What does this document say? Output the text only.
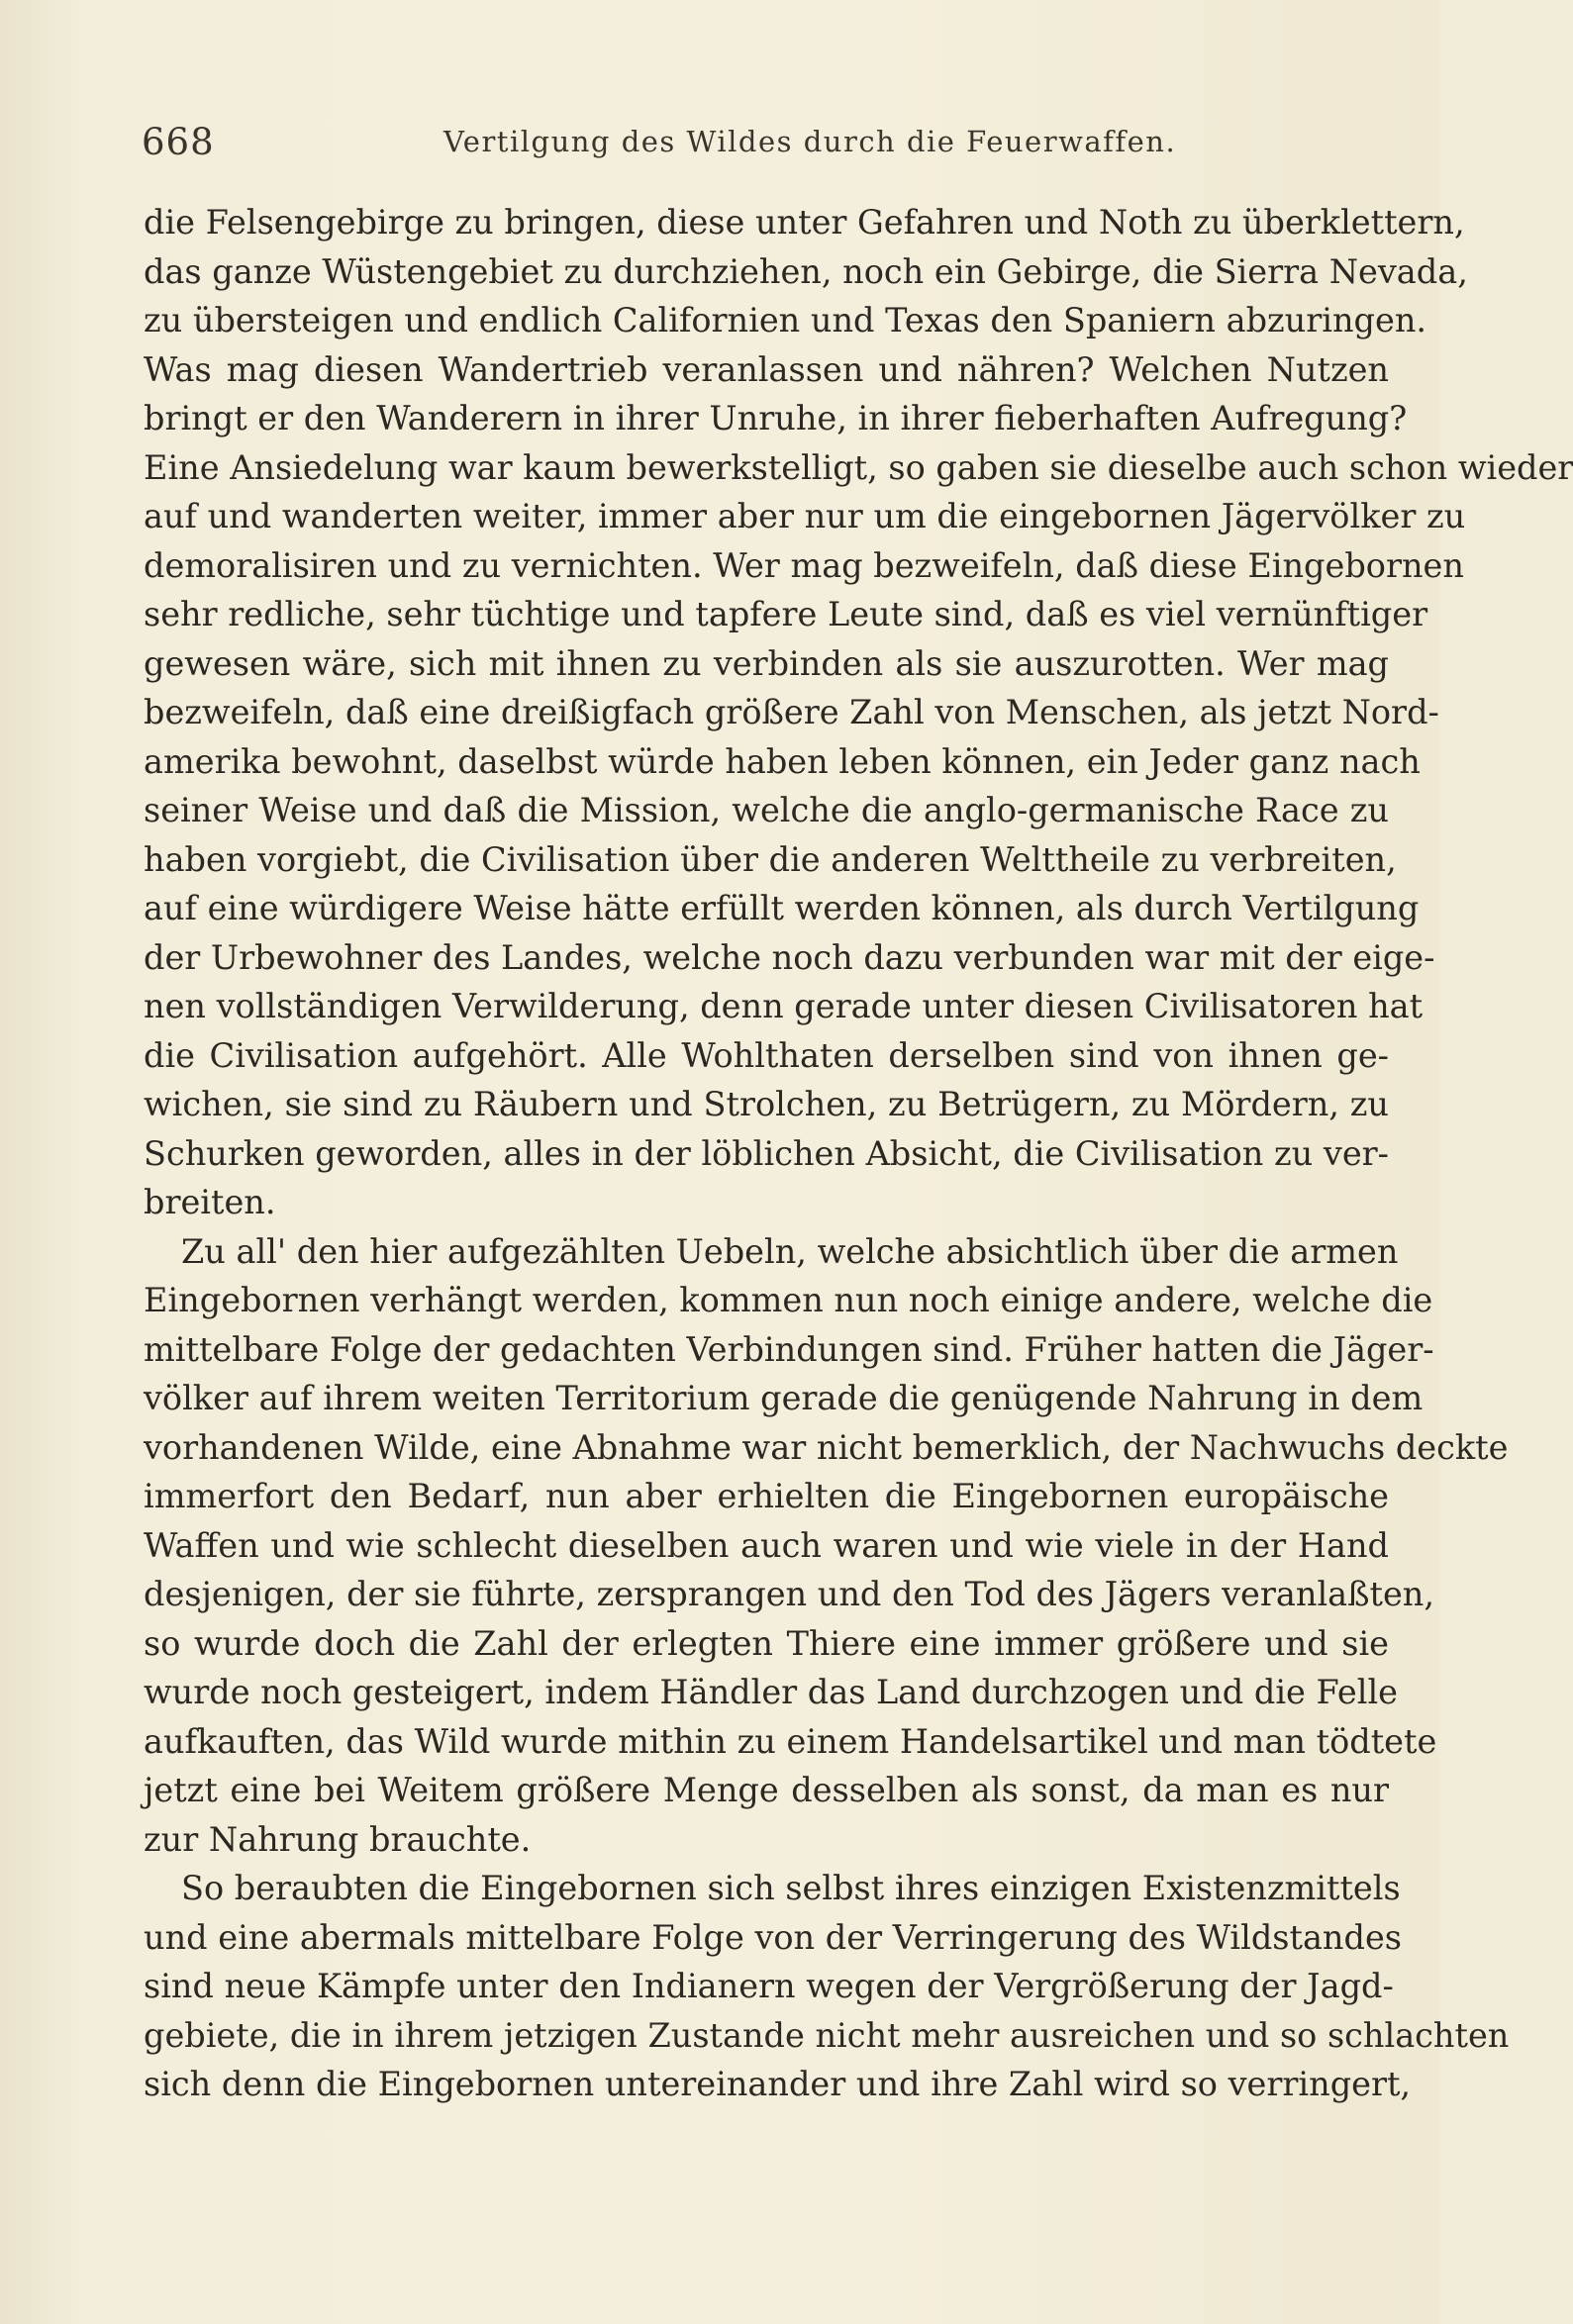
668	Vertilgung des Wildes durch die Feuerwaffen.
die Felsengebirge zu bringen, diese unter Gefahren und Noth zu überklettern,
das ganze Wüstengebiet zu durchziehen, noch ein Gebirge, die Sierra Nevada,
zu übersteigen und endlich Californien und Texas den Spaniern abzuringen.
Was mag diesen Wandertrieb veranlassen und nähren? Welchen Nutzen
bringt er den Wanderern in ihrer Unruhe, in ihrer fieberhaften Aufregung?
Eine Ansiedelung war kaum bewerkstelligt, so gaben sie dieselbe auch schon wieder
auf und wanderten weiter, immer aber nur um die eingebornen Jägervölker zu
demoralisiren und zu vernichten. Wer mag bezweifeln, daß diese Eingebornen
sehr redliche, sehr tüchtige und tapfere Leute sind, daß es viel vernünftiger
gewesen wäre, sich mit ihnen zu verbinden als sie auszurotten. Wer mag
bezweifeln, daß eine dreißigfach größere Zahl von Menschen, als jetzt Nord-
amerika bewohnt, daselbst würde haben leben können, ein Jeder ganz nach
seiner Weise und daß die Mission, welche die anglo-germanische Race zu
haben vorgiebt, die Civilisation über die anderen Welttheile zu verbreiten,
auf eine würdigere Weise hätte erfüllt werden können, als durch Vertilgung
der Urbewohner des Landes, welche noch dazu verbunden war mit der eige-
nen vollständigen Verwilderung, denn gerade unter diesen Civilisatoren hat
die Civilisation aufgehört. Alle Wohlthaten derselben sind von ihnen ge-
wichen, sie sind zu Räubern und Strolchen, zu Betrügern, zu Mördern, zu
Schurken geworden, alles in der löblichen Absicht, die Civilisation zu ver-
breiten.
Zu all' den hier aufgezählten Uebeln, welche absichtlich über die armen
Eingebornen verhängt werden, kommen nun noch einige andere, welche die
mittelbare Folge der gedachten Verbindungen sind. Früher hatten die Jäger-
völker auf ihrem weiten Territorium gerade die genügende Nahrung in dem
vorhandenen Wilde, eine Abnahme war nicht bemerklich, der Nachwuchs deckte
immerfort den Bedarf, nun aber erhielten die Eingebornen europäische
Waffen und wie schlecht dieselben auch waren und wie viele in der Hand
desjenigen, der sie führte, zersprangen und den Tod des Jägers veranlaßten,
so wurde doch die Zahl der erlegten Thiere eine immer größere und sie
wurde noch gesteigert, indem Händler das Land durchzogen und die Felle
aufkauften, das Wild wurde mithin zu einem Handelsartikel und man tödtete
jetzt eine bei Weitem größere Menge desselben als sonst, da man es nur
zur Nahrung brauchte.
So beraubten die Eingebornen sich selbst ihres einzigen Existenzmittels
und eine abermals mittelbare Folge von der Verringerung des Wildstandes
sind neue Kämpfe unter den Indianern wegen der Vergrößerung der Jagd-
gebiete, die in ihrem jetzigen Zustande nicht mehr ausreichen und so schlachten
sich denn die Eingebornen untereinander und ihre Zahl wird so verringert,
